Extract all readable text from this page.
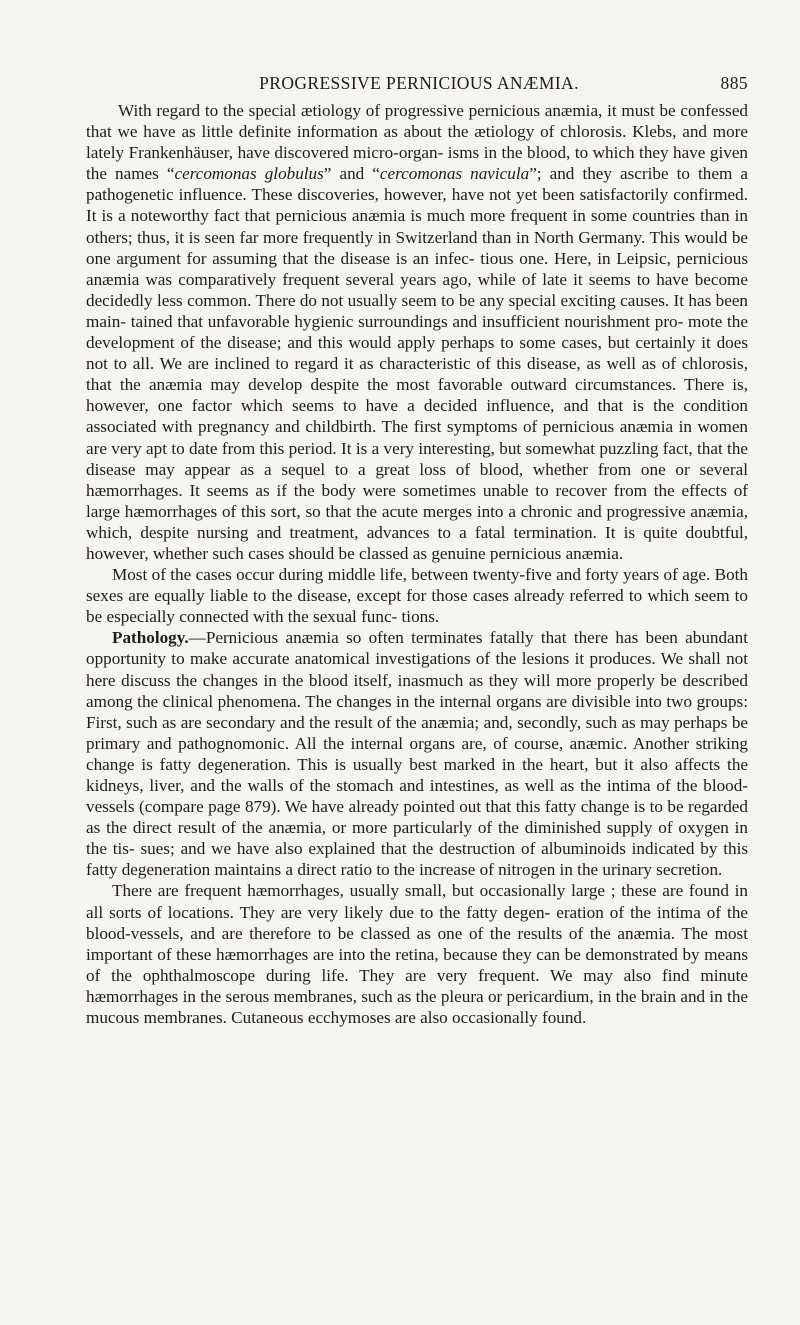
PROGRESSIVE PERNICIOUS ANÆMIA.	885

With regard to the special ætiology of progressive pernicious anæmia, it must be confessed that we have as little definite information as about the ætiology of chlorosis. Klebs, and more lately Frankenhäuser, have discovered micro-organ- isms in the blood, to which they have given the names “cercomonas globulus” and “cercomonas navicula”; and they ascribe to them a pathogenetic influence. These discoveries, however, have not yet been satisfactorily confirmed. It is a noteworthy fact that pernicious anæmia is much more frequent in some countries than in others; thus, it is seen far more frequently in Switzerland than in North Germany. This would be one argument for assuming that the disease is an infec- tious one. Here, in Leipsic, pernicious anæmia was comparatively frequent several years ago, while of late it seems to have become decidedly less common. There do not usually seem to be any special exciting causes. It has been main- tained that unfavorable hygienic surroundings and insufficient nourishment pro- mote the development of the disease; and this would apply perhaps to some cases, but certainly it does not to all. We are inclined to regard it as characteristic of this disease, as well as of chlorosis, that the anæmia may develop despite the most favorable outward circumstances. There is, however, one factor which seems to have a decided influence, and that is the condition associated with pregnancy and childbirth. The first symptoms of pernicious anæmia in women are very apt to date from this period. It is a very interesting, but somewhat puzzling fact, that the disease may appear as a sequel to a great loss of blood, whether from one or several hæmorrhages. It seems as if the body were sometimes unable to recover from the effects of large hæmorrhages of this sort, so that the acute merges into a chronic and progressive anæmia, which, despite nursing and treatment, advances to a fatal termination. It is quite doubtful, however, whether such cases should be classed as genuine pernicious anæmia.

Most of the cases occur during middle life, between twenty-five and forty years of age. Both sexes are equally liable to the disease, except for those cases already referred to which seem to be especially connected with the sexual func- tions.

Pathology.—Pernicious anæmia so often terminates fatally that there has been abundant opportunity to make accurate anatomical investigations of the lesions it produces. We shall not here discuss the changes in the blood itself, inasmuch as they will more properly be described among the clinical phenomena. The changes in the internal organs are divisible into two groups: First, such as are secondary and the result of the anæmia; and, secondly, such as may perhaps be primary and pathognomonic. All the internal organs are, of course, anæmic. Another striking change is fatty degeneration. This is usually best marked in the heart, but it also affects the kidneys, liver, and the walls of the stomach and intestines, as well as the intima of the blood-vessels (compare page 879). We have already pointed out that this fatty change is to be regarded as the direct result of the anæmia, or more particularly of the diminished supply of oxygen in the tis- sues; and we have also explained that the destruction of albuminoids indicated by this fatty degeneration maintains a direct ratio to the increase of nitrogen in the urinary secretion.

There are frequent hæmorrhages, usually small, but occasionally large ; these are found in all sorts of locations. They are very likely due to the fatty degen- eration of the intima of the blood-vessels, and are therefore to be classed as one of the results of the anæmia. The most important of these hæmorrhages are into the retina, because they can be demonstrated by means of the ophthalmoscope during life. They are very frequent. We may also find minute hæmorrhages in the serous membranes, such as the pleura or pericardium, in the brain and in the mucous membranes. Cutaneous ecchymoses are also occasionally found.
